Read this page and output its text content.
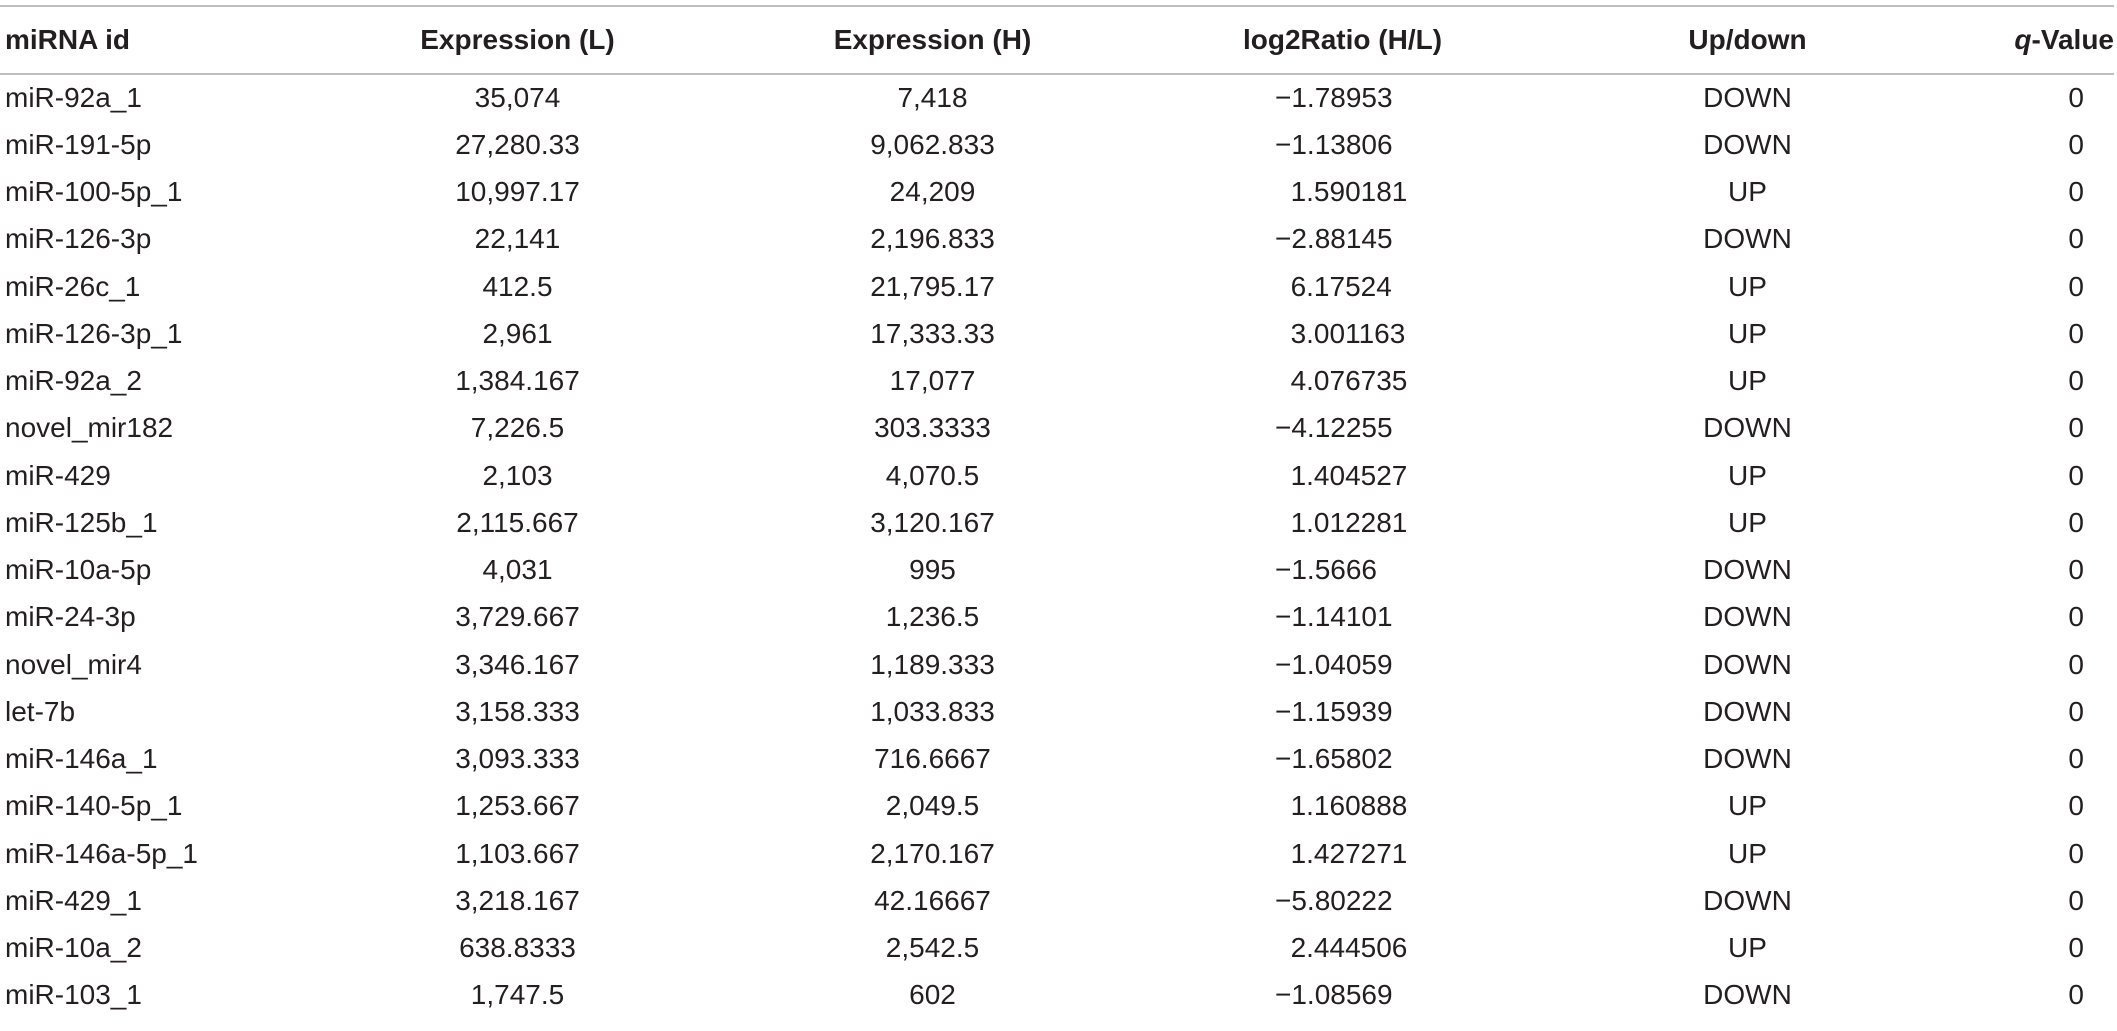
miRNA id	Expression (L)	Expression (H)	log2Ratio (H/L)	Up/down	q-Value
miR-92a_1	35,074	7,418	−1.78953	DOWN	0
miR-191-5p	27,280.33	9,062.833	−1.13806	DOWN	0
miR-100-5p_1	10,997.17	24,209	 1.590181	UP	0
miR-126-3p	22,141	2,196.833	−2.88145	DOWN	0
miR-26c_1	412.5	21,795.17	 6.17524	UP	0
miR-126-3p_1	2,961	17,333.33	 3.001163	UP	0
miR-92a_2	1,384.167	17,077	 4.076735	UP	0
novel_mir182	7,226.5	303.3333	−4.12255	DOWN	0
miR-429	2,103	4,070.5	 1.404527	UP	0
miR-125b_1	2,115.667	3,120.167	 1.012281	UP	0
miR-10a-5p	4,031	995	−1.5666	DOWN	0
miR-24-3p	3,729.667	1,236.5	−1.14101	DOWN	0
novel_mir4	3,346.167	1,189.333	−1.04059	DOWN	0
let-7b	3,158.333	1,033.833	−1.15939	DOWN	0
miR-146a_1	3,093.333	716.6667	−1.65802	DOWN	0
miR-140-5p_1	1,253.667	2,049.5	 1.160888	UP	0
miR-146a-5p_1	1,103.667	2,170.167	 1.427271	UP	0
miR-429_1	3,218.167	42.16667	−5.80222	DOWN	0
miR-10a_2	638.8333	2,542.5	 2.444506	UP	0
miR-103_1	1,747.5	602	−1.08569	DOWN	0
